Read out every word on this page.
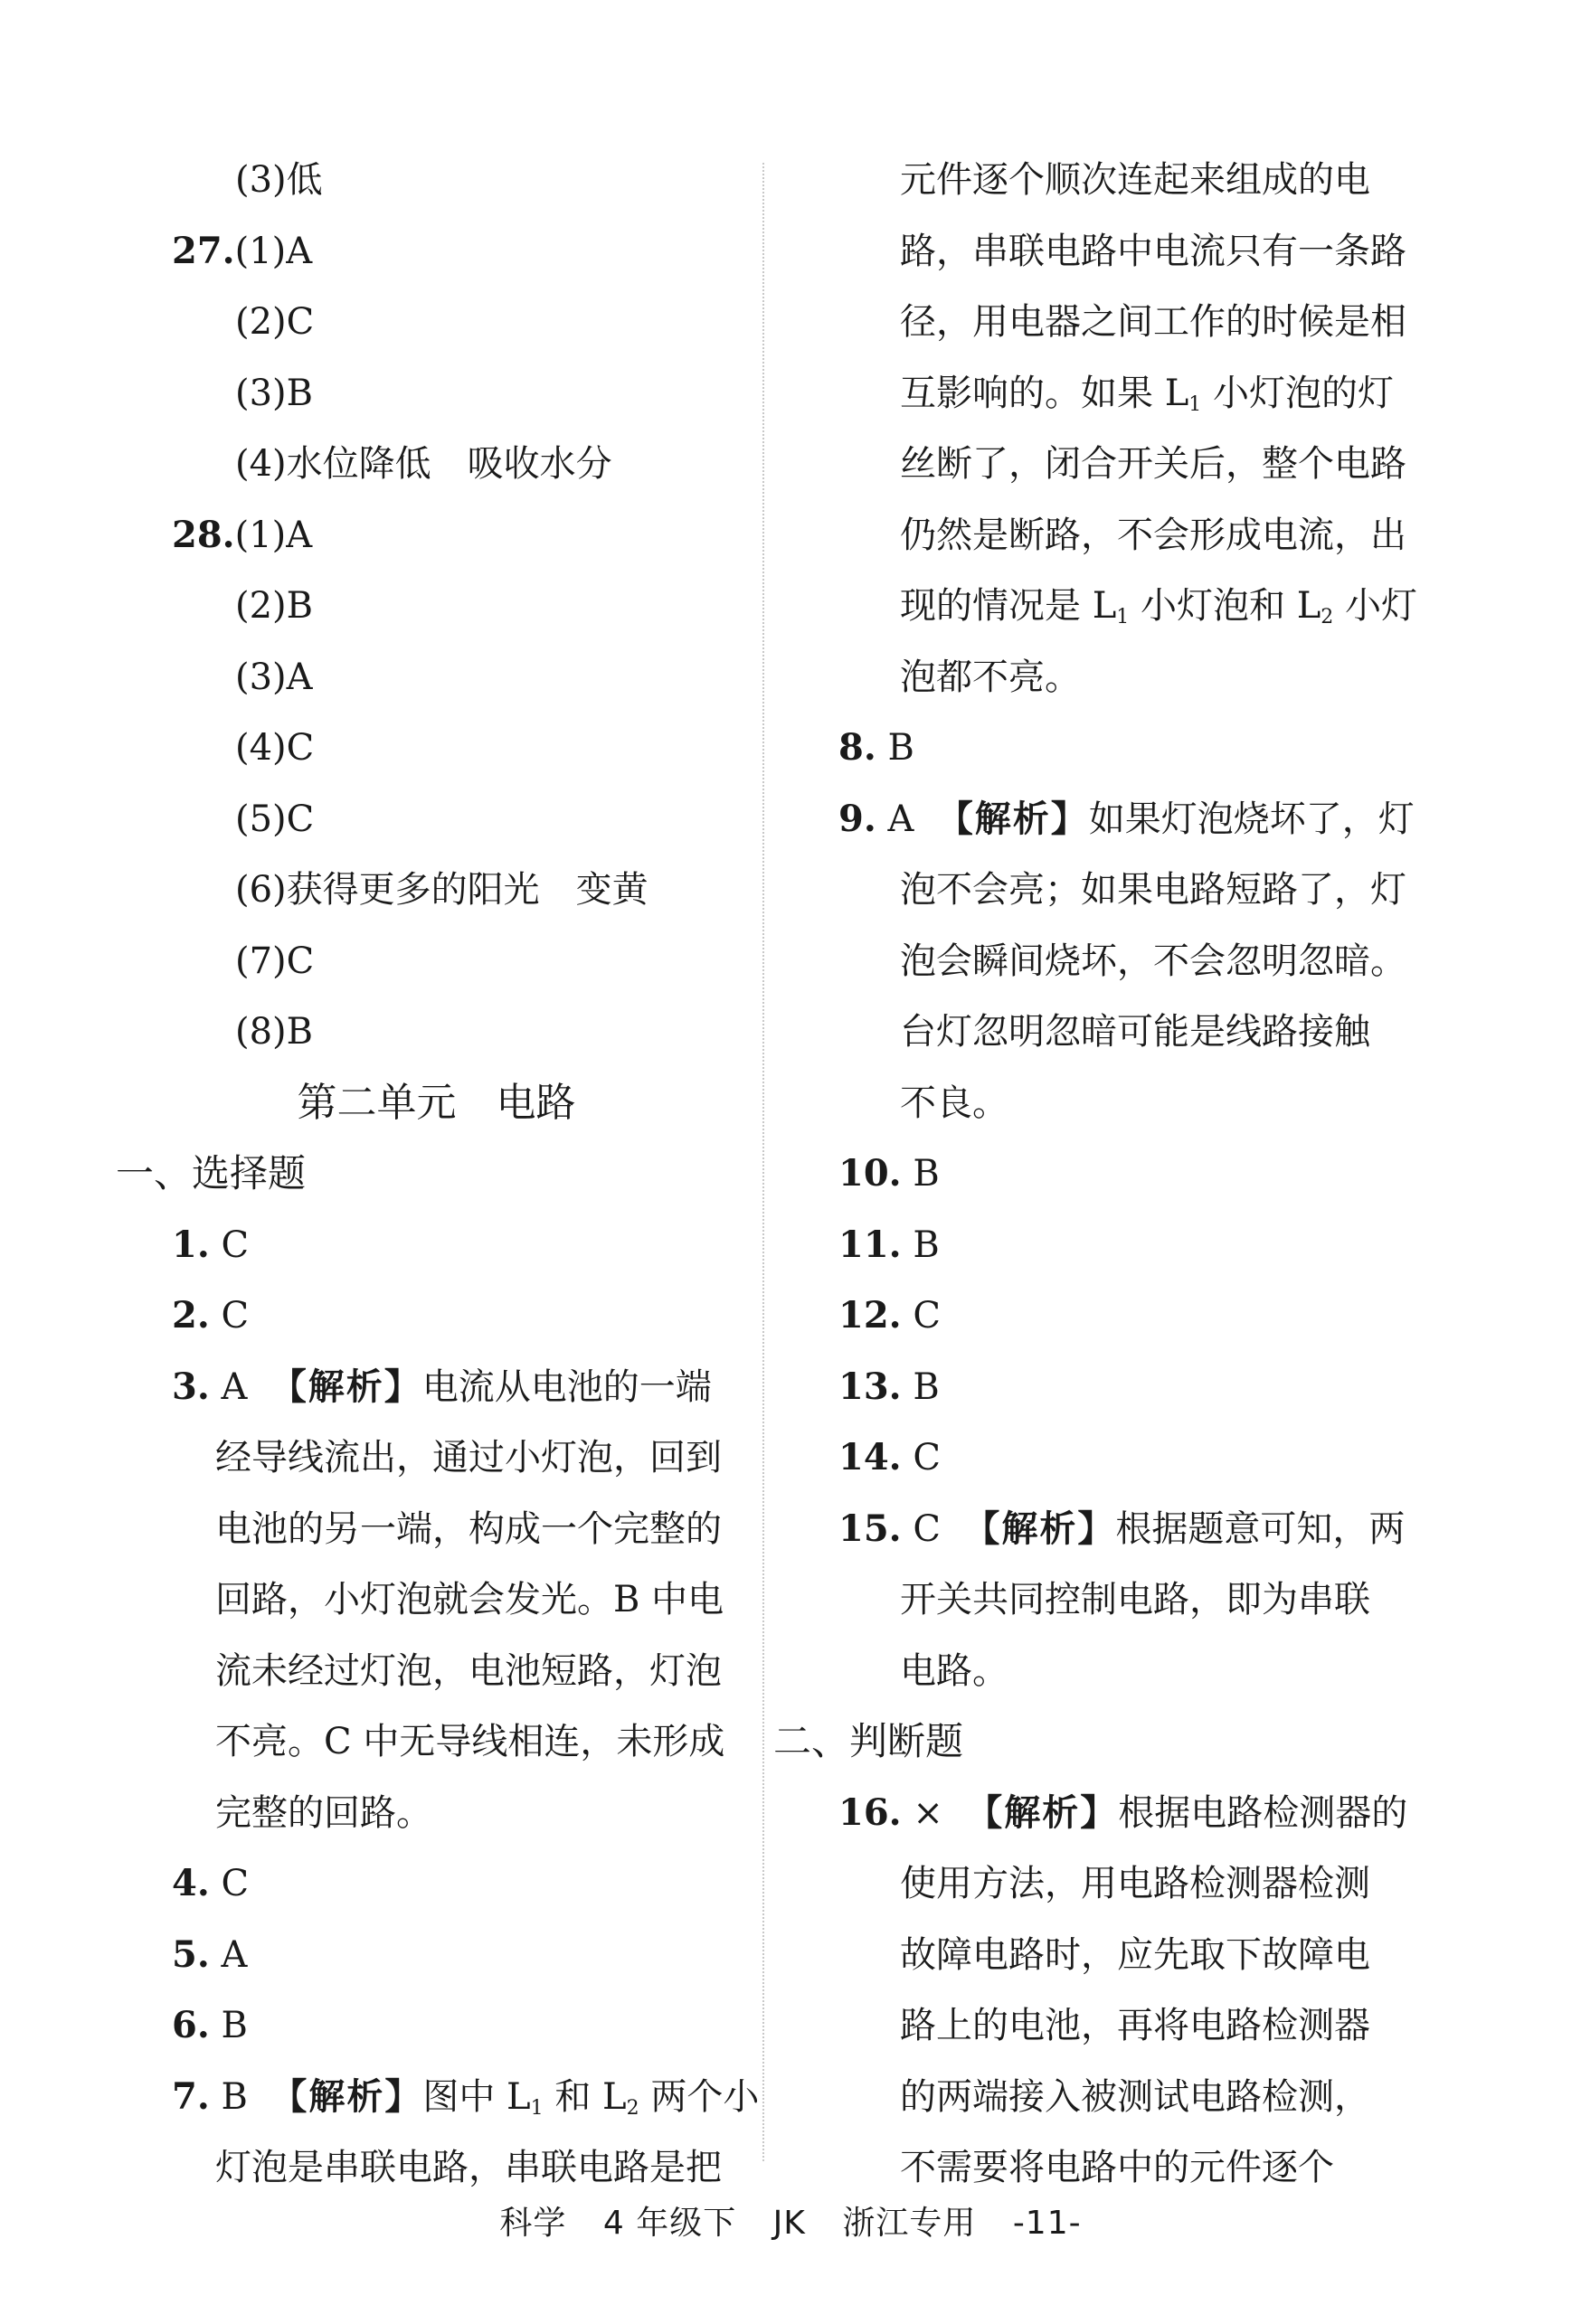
(3)低
27.(1)A
(2)C
(3)B
(4)水位降低　吸收水分
28.(1)A
(2)B
(3)A
(4)C
(5)C
(6)获得更多的阳光　变黄
(7)C
(8)B
第二单元　电路
一、选择题
1. C
2. C
3. A 【解析】电流从电池的一端
经导线流出，通过小灯泡，回到
电池的另一端，构成一个完整的
回路，小灯泡就会发光。B 中电
流未经过灯泡，电池短路，灯泡
不亮。C 中无导线相连，未形成
完整的回路。
4. C
5. A
6. B
7. B 【解析】图中 $L_1$ 和 $L_2$ 两个小
灯泡是串联电路，串联电路是把
元件逐个顺次连起来组成的电
路，串联电路中电流只有一条路
径，用电器之间工作的时候是相
互影响的。如果 $L_1$ 小灯泡的灯
丝断了，闭合开关后，整个电路
仍然是断路，不会形成电流，出
现的情况是 $L_1$ 小灯泡和 $L_2$ 小灯
泡都不亮。
8. B
9. A 【解析】如果灯泡烧坏了，灯
泡不会亮；如果电路短路了，灯
泡会瞬间烧坏，不会忽明忽暗。
台灯忽明忽暗可能是线路接触
不良。
10. B
11. B
12. C
13. B
14. C
15. C 【解析】根据题意可知，两
开关共同控制电路，即为串联
电路。
二、判断题
16. × 【解析】根据电路检测器的
使用方法，用电路检测器检测
故障电路时，应先取下故障电
路上的电池，再将电路检测器
的两端接入被测试电路检测，
不需要将电路中的元件逐个
科学 4 年级下 JK 浙江专用 -11-
